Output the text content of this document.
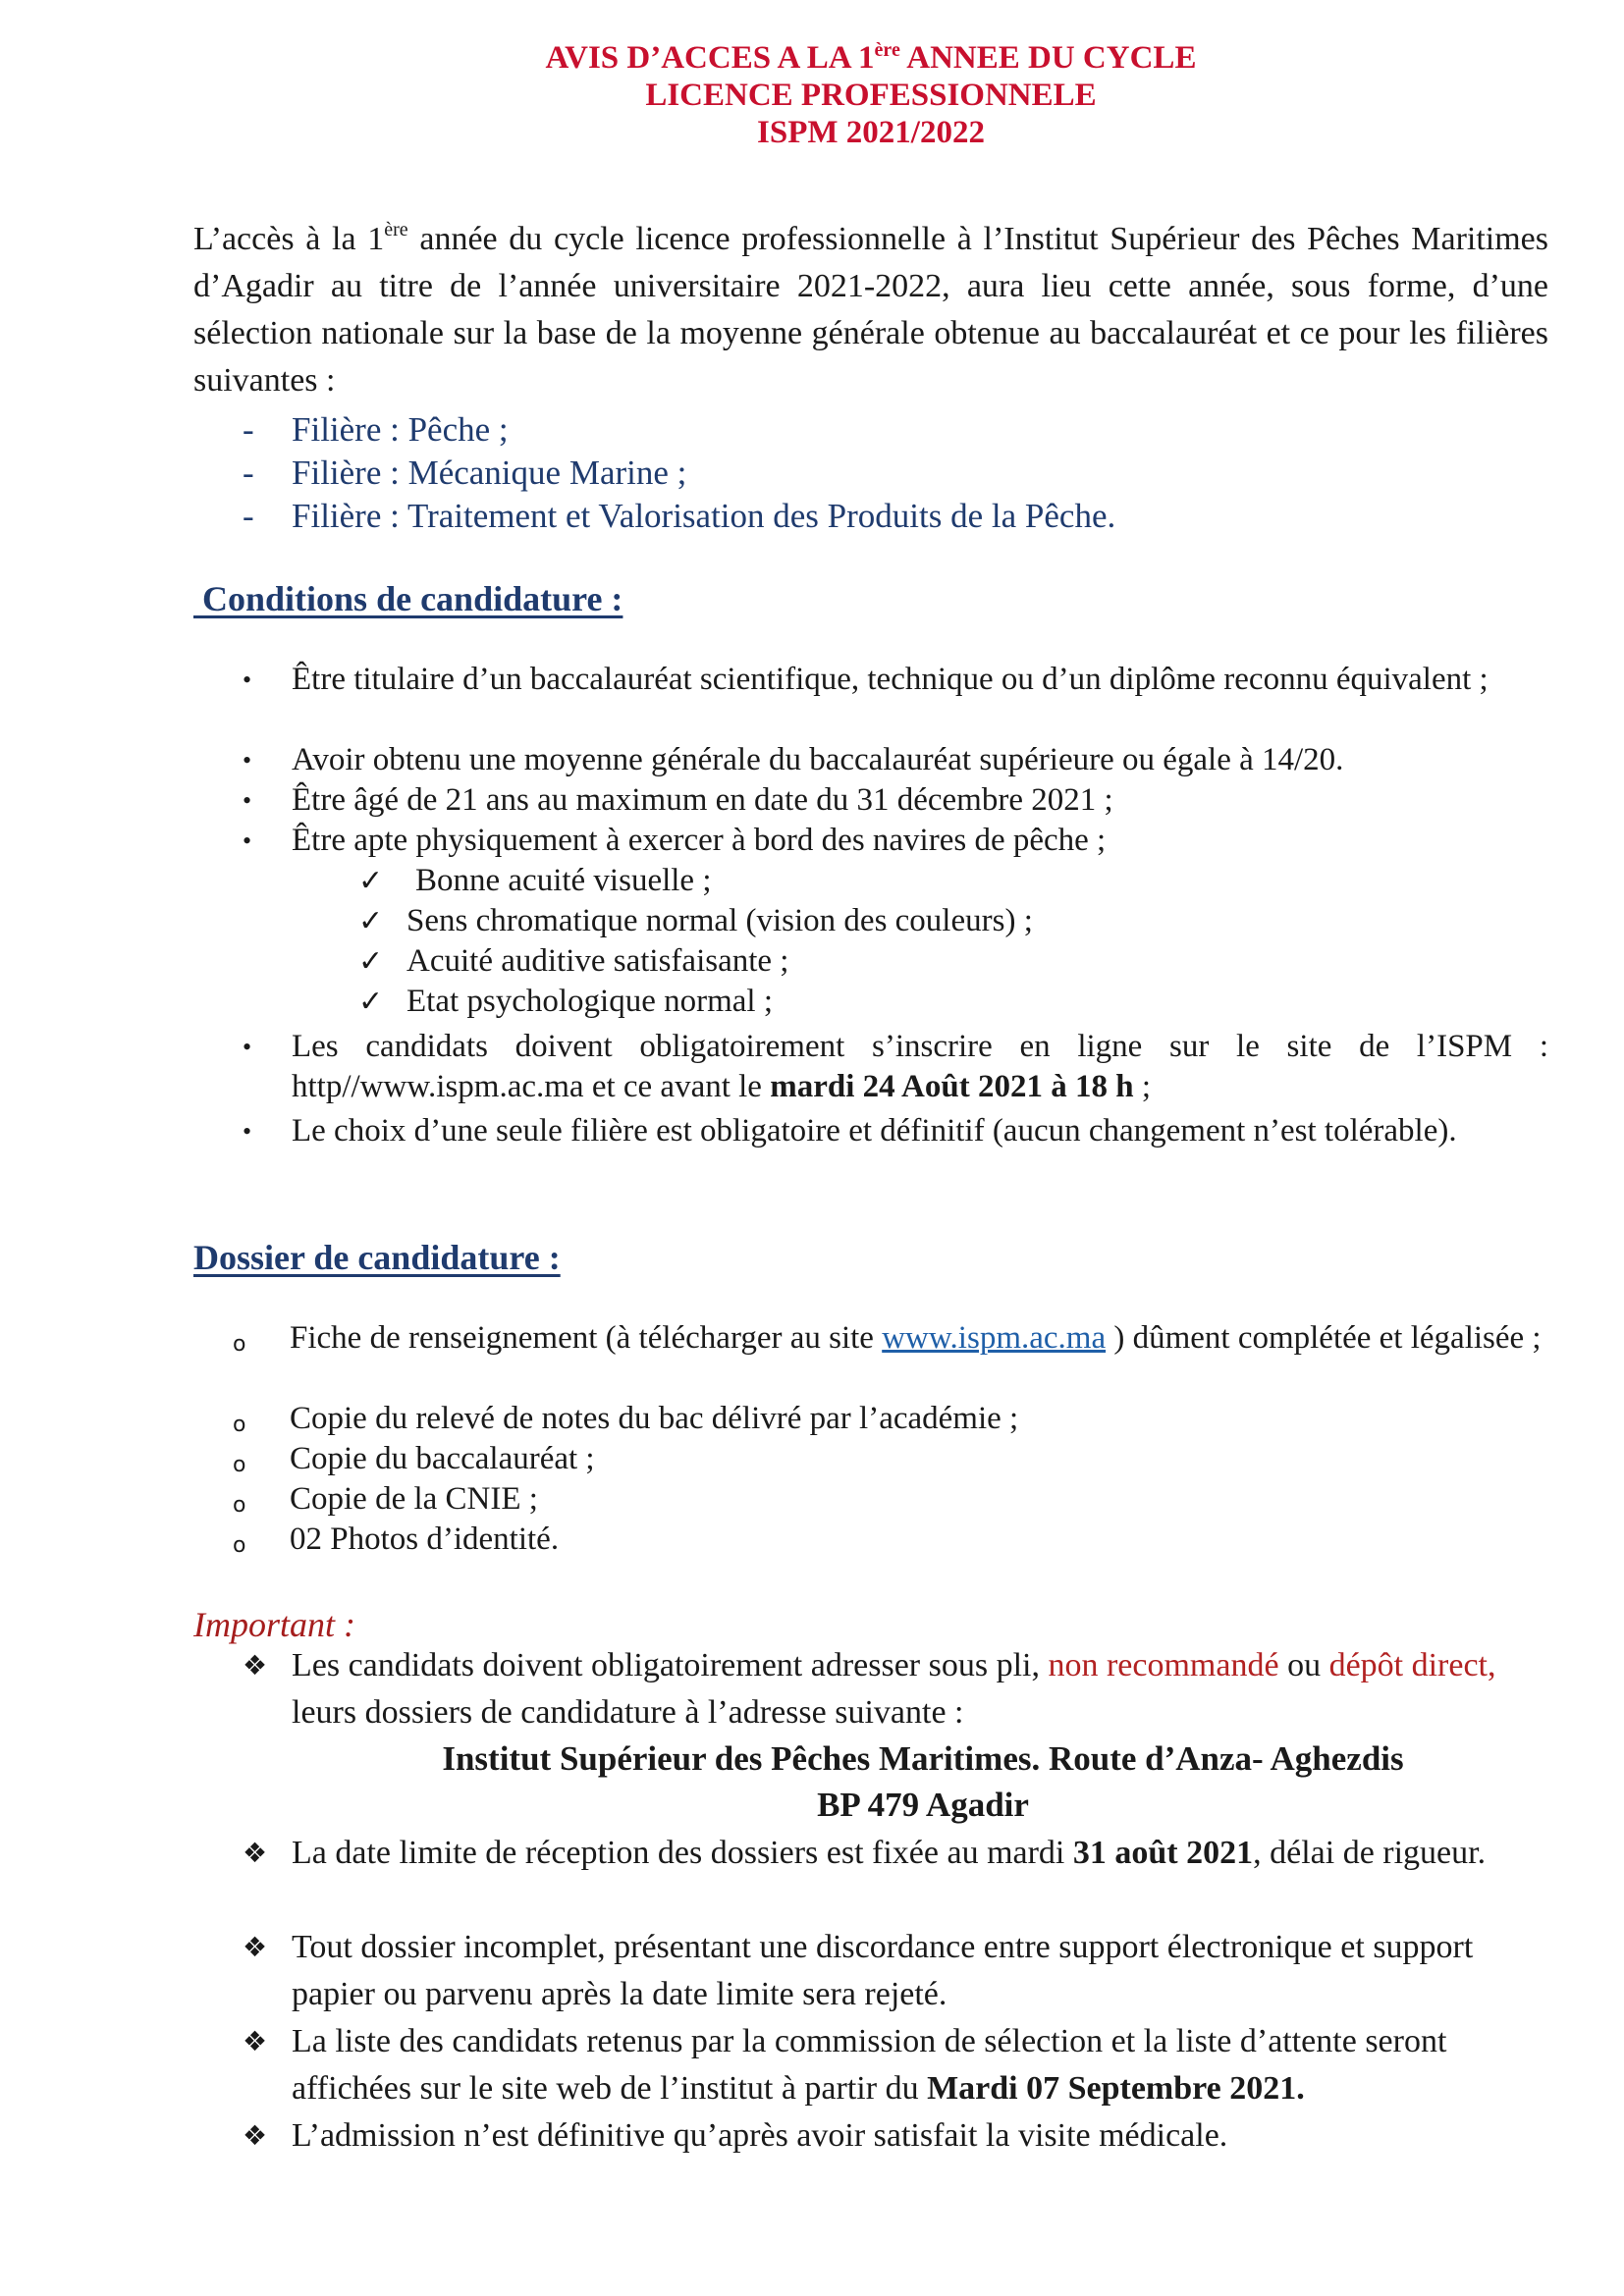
AVIS D’ACCES A LA 1ère ANNEE DU CYCLE
LICENCE PROFESSIONNELE
ISPM 2021/2022
L’accès à la 1ère année du cycle licence professionnelle à l’Institut Supérieur des Pêches Maritimes d’Agadir au titre de l’année universitaire 2021-2022, aura lieu cette année, sous forme, d’une sélection nationale sur la base de la moyenne générale obtenue au baccalauréat et ce pour les filières suivantes :
- Filière : Pêche ;
- Filière : Mécanique Marine ;
- Filière : Traitement et Valorisation des Produits de la Pêche.
Conditions de candidature :
• Être titulaire d’un baccalauréat scientifique, technique ou d’un diplôme reconnu équivalent ;
• Avoir obtenu une moyenne générale du baccalauréat supérieure ou égale à 14/20.
• Être âgé de 21 ans au maximum en date du 31 décembre 2021 ;
• Être apte physiquement à exercer à bord des navires de pêche ;
✓ Bonne acuité visuelle ;
✓ Sens chromatique normal (vision des couleurs) ;
✓ Acuité auditive satisfaisante ;
✓ Etat psychologique normal ;
• Les candidats doivent obligatoirement s’inscrire en ligne sur le site de l’ISPM : http//www.ispm.ac.ma et ce avant le mardi 24 Août 2021 à 18 h ;
• Le choix d’une seule filière est obligatoire et définitif (aucun changement n’est tolérable).
Dossier de candidature :
o	Fiche de renseignement (à télécharger au site www.ispm.ac.ma ) dûment complétée et légalisée ;
o	Copie du relevé de notes du bac délivré par l’académie ;
o	Copie du baccalauréat ;
o	Copie de la CNIE ;
o	02 Photos d’identité.
Important :
❖ Les candidats doivent obligatoirement adresser sous pli, non recommandé ou dépôt direct, leurs dossiers de candidature à l’adresse suivante :
Institut Supérieur des Pêches Maritimes. Route d’Anza- Aghezdis
BP 479 Agadir
❖ La date limite de réception des dossiers est fixée au mardi 31 août 2021, délai de rigueur.
❖ Tout dossier incomplet, présentant une discordance entre support électronique et support papier ou parvenu après la date limite sera rejeté.
❖ La liste des candidats retenus par la commission de sélection et la liste d’attente seront affichées sur le site web de l’institut à partir du Mardi 07 Septembre 2021.
❖ L’admission n’est définitive qu’après avoir satisfait la visite médicale.
